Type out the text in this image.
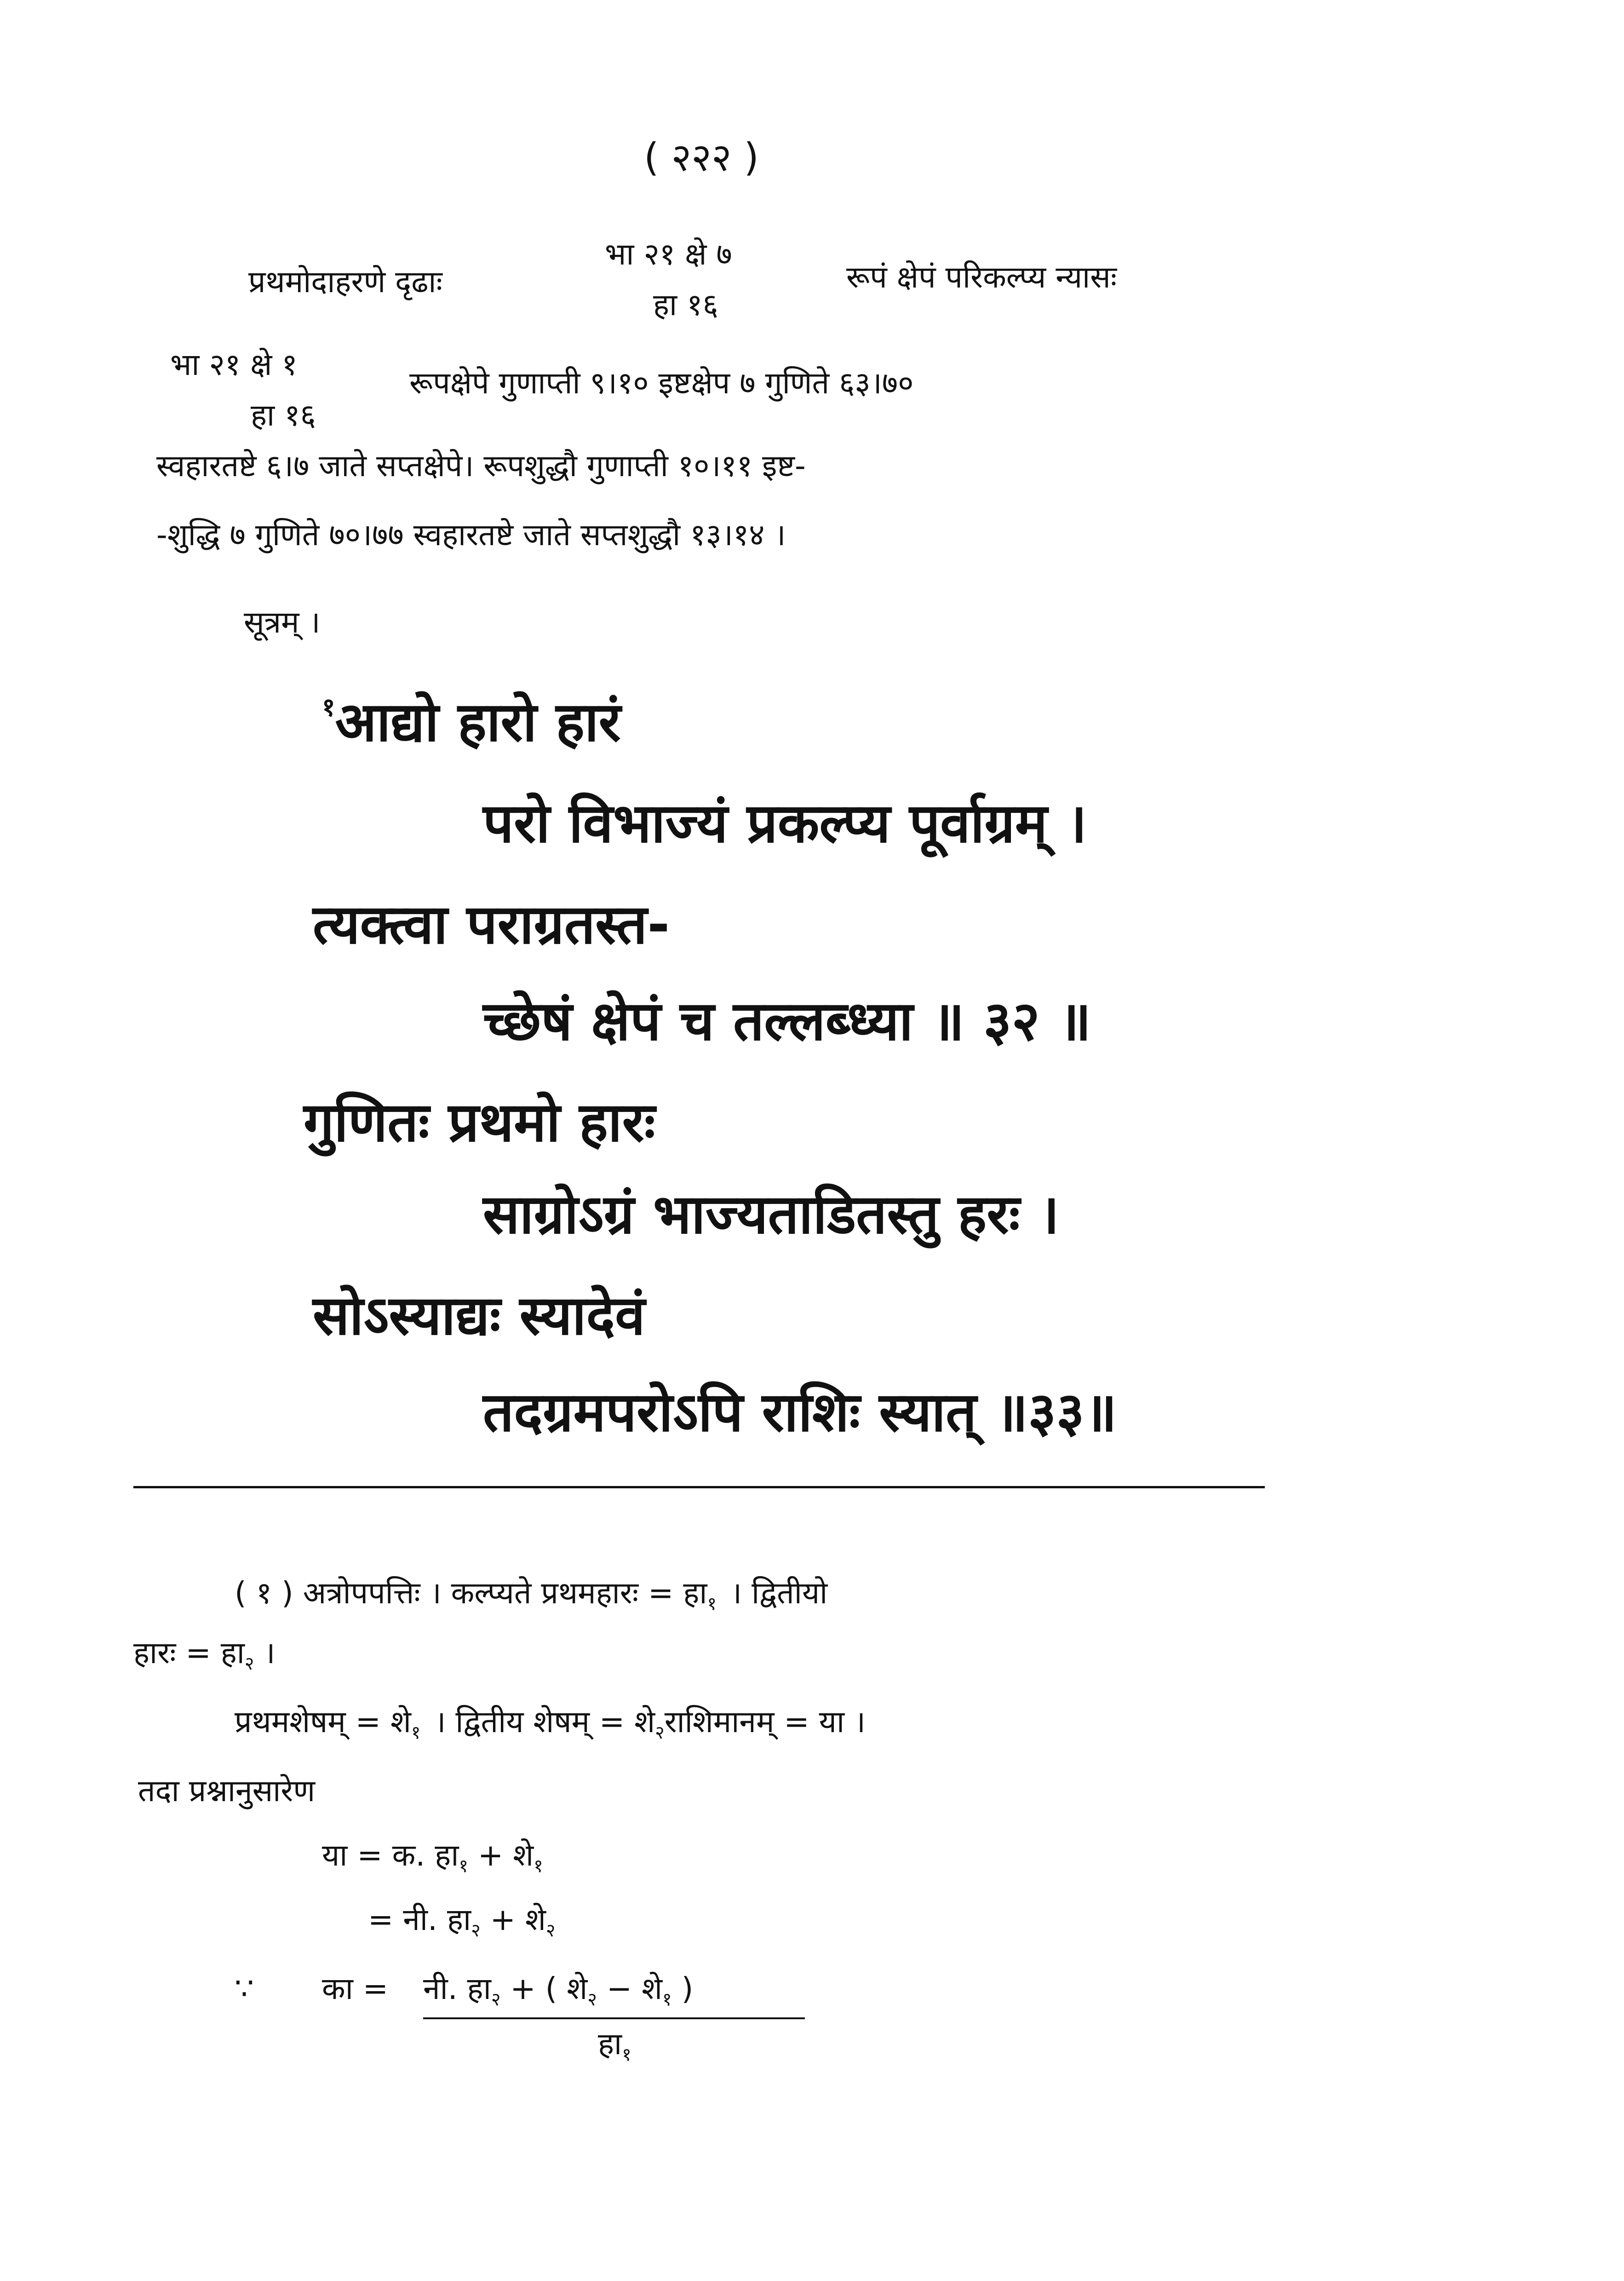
( २२२ )
प्रथमोदाहरणे दृढाः
भा २१ क्षे ७
हा १६
रूपं क्षेपं परिकल्प्य न्यासः
भा २१ क्षे १
हा १६
रूपक्षेपे गुणाप्ती ९।१० इष्टक्षेप ७ गुणिते ६३।७०
स्वहारतष्टे ६।७ जाते सप्तक्षेपे। रूपशुद्धौ गुणाप्ती १०।११ इष्ट-
-शुद्धि ७ गुणिते ७०।७७ स्वहारतष्टे जाते सप्तशुद्धौ १३।१४ ।
सूत्रम् ।
$^१$आद्यो हारो हारं
परो विभाज्यं प्रकल्प्य पूर्वाग्रम् ।
त्यक्त्वा पराग्रतस्त-
च्छेषं क्षेपं च तल्लब्ध्या ॥ ३२ ॥
गुणितः प्रथमो हारः
साग्रोऽग्रं भाज्यताडितस्तु हरः ।
सोऽस्याद्यः स्यादेवं
तदग्रमपरोऽपि राशिः स्यात् ॥३३॥
( १ ) अत्रोपपत्तिः । कल्प्यते प्रथमहारः = $हा_१$ । द्वितीयो
हारः = $हा_२$ ।
प्रथमशेषम् = $शे_१$ । द्वितीय शेषम् = $शे_२राशिमानम्$ = या ।
तदा प्रश्नानुसारेण
या = क. $हा_१$ + $शे_१$
= नी. $हा_२$ + $शे_२$
∵ का = नी. $हा_२$ + ( $शे_२$ − $शे_१$ )
$हा_१$
